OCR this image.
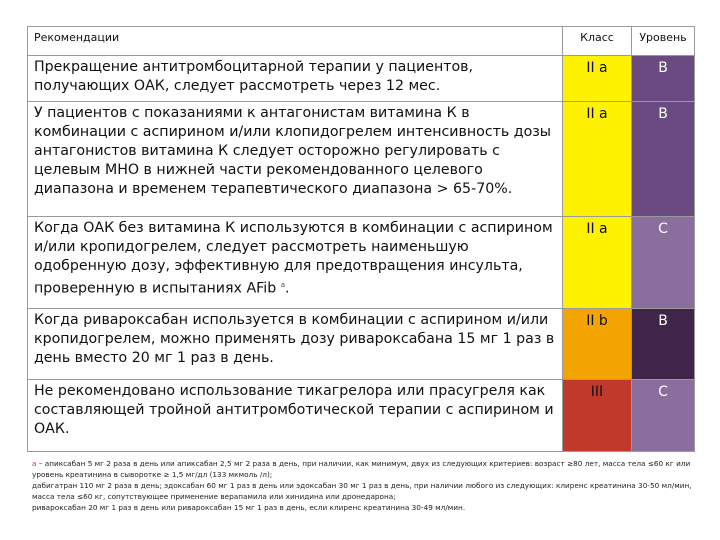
Рекомендации	Класс	Уровень
Прекращение антитромбоцитарной терапии у пациентов, получающих ОАК, следует рассмотреть через 12 мес.	II a	B
У пациентов с показаниями к антагонистам витамина К в комбинации с аспирином и/или клопидогрелем интенсивность дозы антагонистов витамина К следует осторожно регулировать с целевым МНО в нижней части рекомендованного целевого диапазона и временем терапевтического диапазона > 65-70%.	II a	B
Когда ОАК без витамина К используются в комбинации с аспирином и/или кропидогрелем, следует рассмотреть наименьшую одобренную дозу, эффективную для предотвращения инсульта, проверенную в испытаниях AFib $^а$.	II a	C
Когда ривароксабан используется в комбинации с аспирином и/или кропидогрелем, можно применять дозу ривароксабана 15 мг 1 раз в день вместо 20 мг 1 раз в день.	II b	B
Не рекомендовано использование тикагрелора или прасугреля как составляющей тройной антитромботической терапии с аспирином и ОАК.	III	C
а – апиксабан 5 мг 2 раза в день или апиксабан 2,5 мг 2 раза в день, при наличии, как минимум, двух из следующих критериев: возраст ≥80 лет, масса тела ≤60 кг или уровень креатинина в сыворотке ≥ 1,5 мг/дл (133 мкмоль /л);
дабигатран 110 мг 2 раза в день; эдоксабан 60 мг 1 раз в день или эдоксабан 30 мг 1 раз в день, при наличии любого из следующих: клиренс креатинина 30-50 мл/мин, масса тела ≤60 кг, сопутствующее применение верапамила или хинидина или дронедарона;
ривароксабан 20 мг 1 раз в день или ривароксабан 15 мг 1 раз в день, если клиренс креатинина 30-49 мл/мин.
